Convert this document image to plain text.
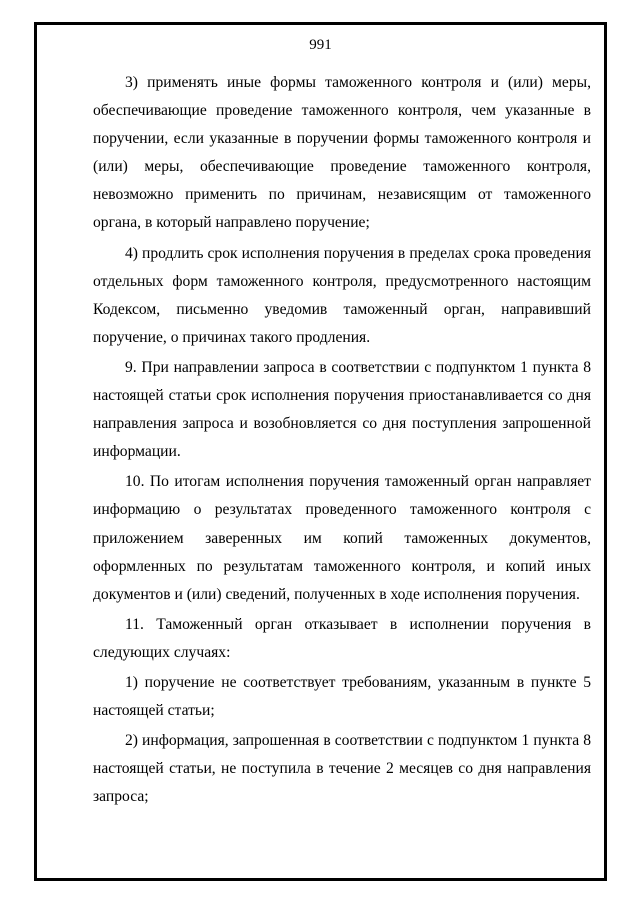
991

3) применять иные формы таможенного контроля и (или) меры, обеспечивающие проведение таможенного контроля, чем указанные в поручении, если указанные в поручении формы таможенного контроля и (или) меры, обеспечивающие проведение таможенного контроля, невозможно применить по причинам, независящим от таможенного органа, в который направлено поручение;

4) продлить срок исполнения поручения в пределах срока проведения отдельных форм таможенного контроля, предусмотренного настоящим Кодексом, письменно уведомив таможенный орган, направивший поручение, о причинах такого продления.

9. При направлении запроса в соответствии с подпунктом 1 пункта 8 настоящей статьи срок исполнения поручения приостанавливается со дня направления запроса и возобновляется со дня поступления запрошенной информации.

10. По итогам исполнения поручения таможенный орган направляет информацию о результатах проведенного таможенного контроля с приложением заверенных им копий таможенных документов, оформленных по результатам таможенного контроля, и копий иных документов и (или) сведений, полученных в ходе исполнения поручения.

11. Таможенный орган отказывает в исполнении поручения в следующих случаях:

1) поручение не соответствует требованиям, указанным в пункте 5 настоящей статьи;

2) информация, запрошенная в соответствии с подпунктом 1 пункта 8 настоящей статьи, не поступила в течение 2 месяцев со дня направления запроса;
